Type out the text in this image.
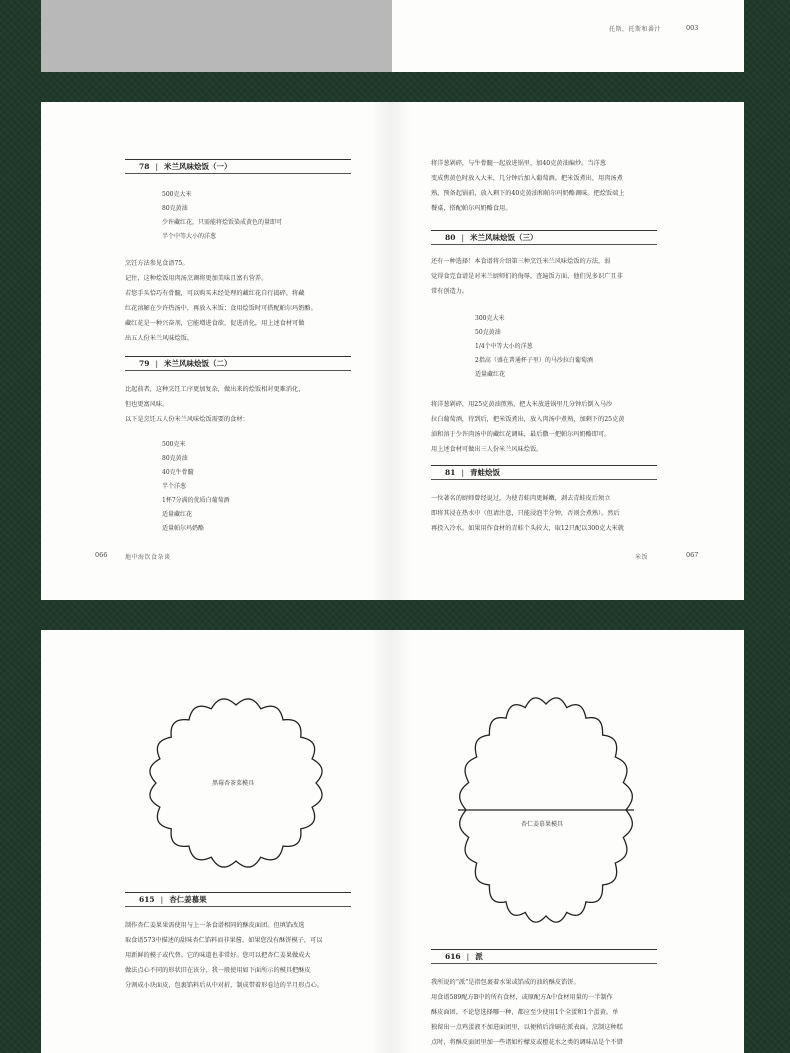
托斯，托斯和番汁	003
78 | 米兰风味烩饭（一）
500克大米
80克黄油
少许藏红花，只需能将烩饭染成黄色的量即可
半个中等大小的洋葱
烹饪方法参见食谱75。
记住，这种烩饭用肉汤烹调将更加美味且富有营养。
若您手头恰巧有骨髓，可以购买未经处理的藏红花自行捣碎，将藏
红花溶解在少许热汤中，再放入米饭；食用烩饭时可搭配帕尔玛奶酪。
藏红花是一种兴奋剂，它能增进食欲，促进消化，用上述食材可做
出五人份米兰风味烩饭。
79 | 米兰风味烩饭（二）
比起前者，这种烹饪工序更加复杂，做出来的烩饭相对更难消化，
但也更富风味。
以下是烹饪五人份米兰风味烩饭需要的食材：
500克米
80克黄油
40克牛骨髓
半个洋葱
1杯7分满的优质白葡萄酒
适量藏红花
适量帕尔玛奶酪
066	地中海饮食杂谈
将洋葱剁碎，与牛骨髓一起放进锅里，加40克黄油煸炒。当洋葱
变成焦黄色时放入大米，几分钟后加入葡萄酒。把米饭煮出，用肉汤煮
熟，预备起锅前，放入剩下的40克黄油和帕尔玛奶酪调味。把烩饭端上
餐桌，搭配帕尔玛奶酪食用。
80 | 米兰风味烩饭（三）
还有一种选择！本食谱将介绍第三种烹饪米兰风味烩饭的方法，弱
觉得食完食谱是对米兰厨师们的侮辱，查遍饭方面，他们见多识广且非
常有创造力。
300克大米
50克黄油
1/4个中等大小的洋葱
2指高（盛在普通杯子里）的马沙拉白葡萄酒
适量藏红花
将洋葱剁碎，用25克黄油煎熟，把大米放进锅里几分钟后倒入马沙
拉白葡萄酒，待到后，把米饭煮出，放入肉汤中煮熟，加剩下的25克黄
油和溶于少许肉汤中的藏红花调味，最后撒一把帕尔玛奶酪即可。
用上述食材可做出三人份米兰风味烩饭。
81 | 青蛙烩饭
一位著名的厨师曾经说过，为使青蛙肉更鲜嫩，剥去青蛙皮后须立
即将其浸在热水中（但请注意，只能浸泡半分钟，否则会煮熟）。然后
再投入冷水。如果用作食材的青蛙个头较大，取12只配以300克大米就
米饭	067
黑莓杏茶菜模具
615 | 杏仁姜慕果
制作杏仁姜果果需使用与上一条食谱相同的酥皮面团。但填馅改选
取食谱573中描述的甜味杏仁馅料而非果酱。如果您没有酥饼模子，可以
用新鲜的模子或代替。它的味道也非常好。您可以把杏仁姜果做成大
做法点心不同的形状旧在该分，我一般使用如下面所示的模具把酥皮
分割成小块面皮，包裹馅料后从中对折，制成带着形卷边的半月形点心。
杏仁姜慕果模具
616 | 派
我所说的“派”是指包裹着水果或馅成的油的酥皮馅饼。
用食谱589配方B中的所有食材，或原配方A中食材用量的一半制作
酥皮面团。不论您选择哪一种，都应至少使用1个全蛋和1个蛋黄。单
独留出一点鸡蛋液不加进面团里，以便稍后涂刷在派表面。烹制这种糕
点时，将酥皮面团里加一些诸如柠檬皮或橙花水之类的调味品是个不错
